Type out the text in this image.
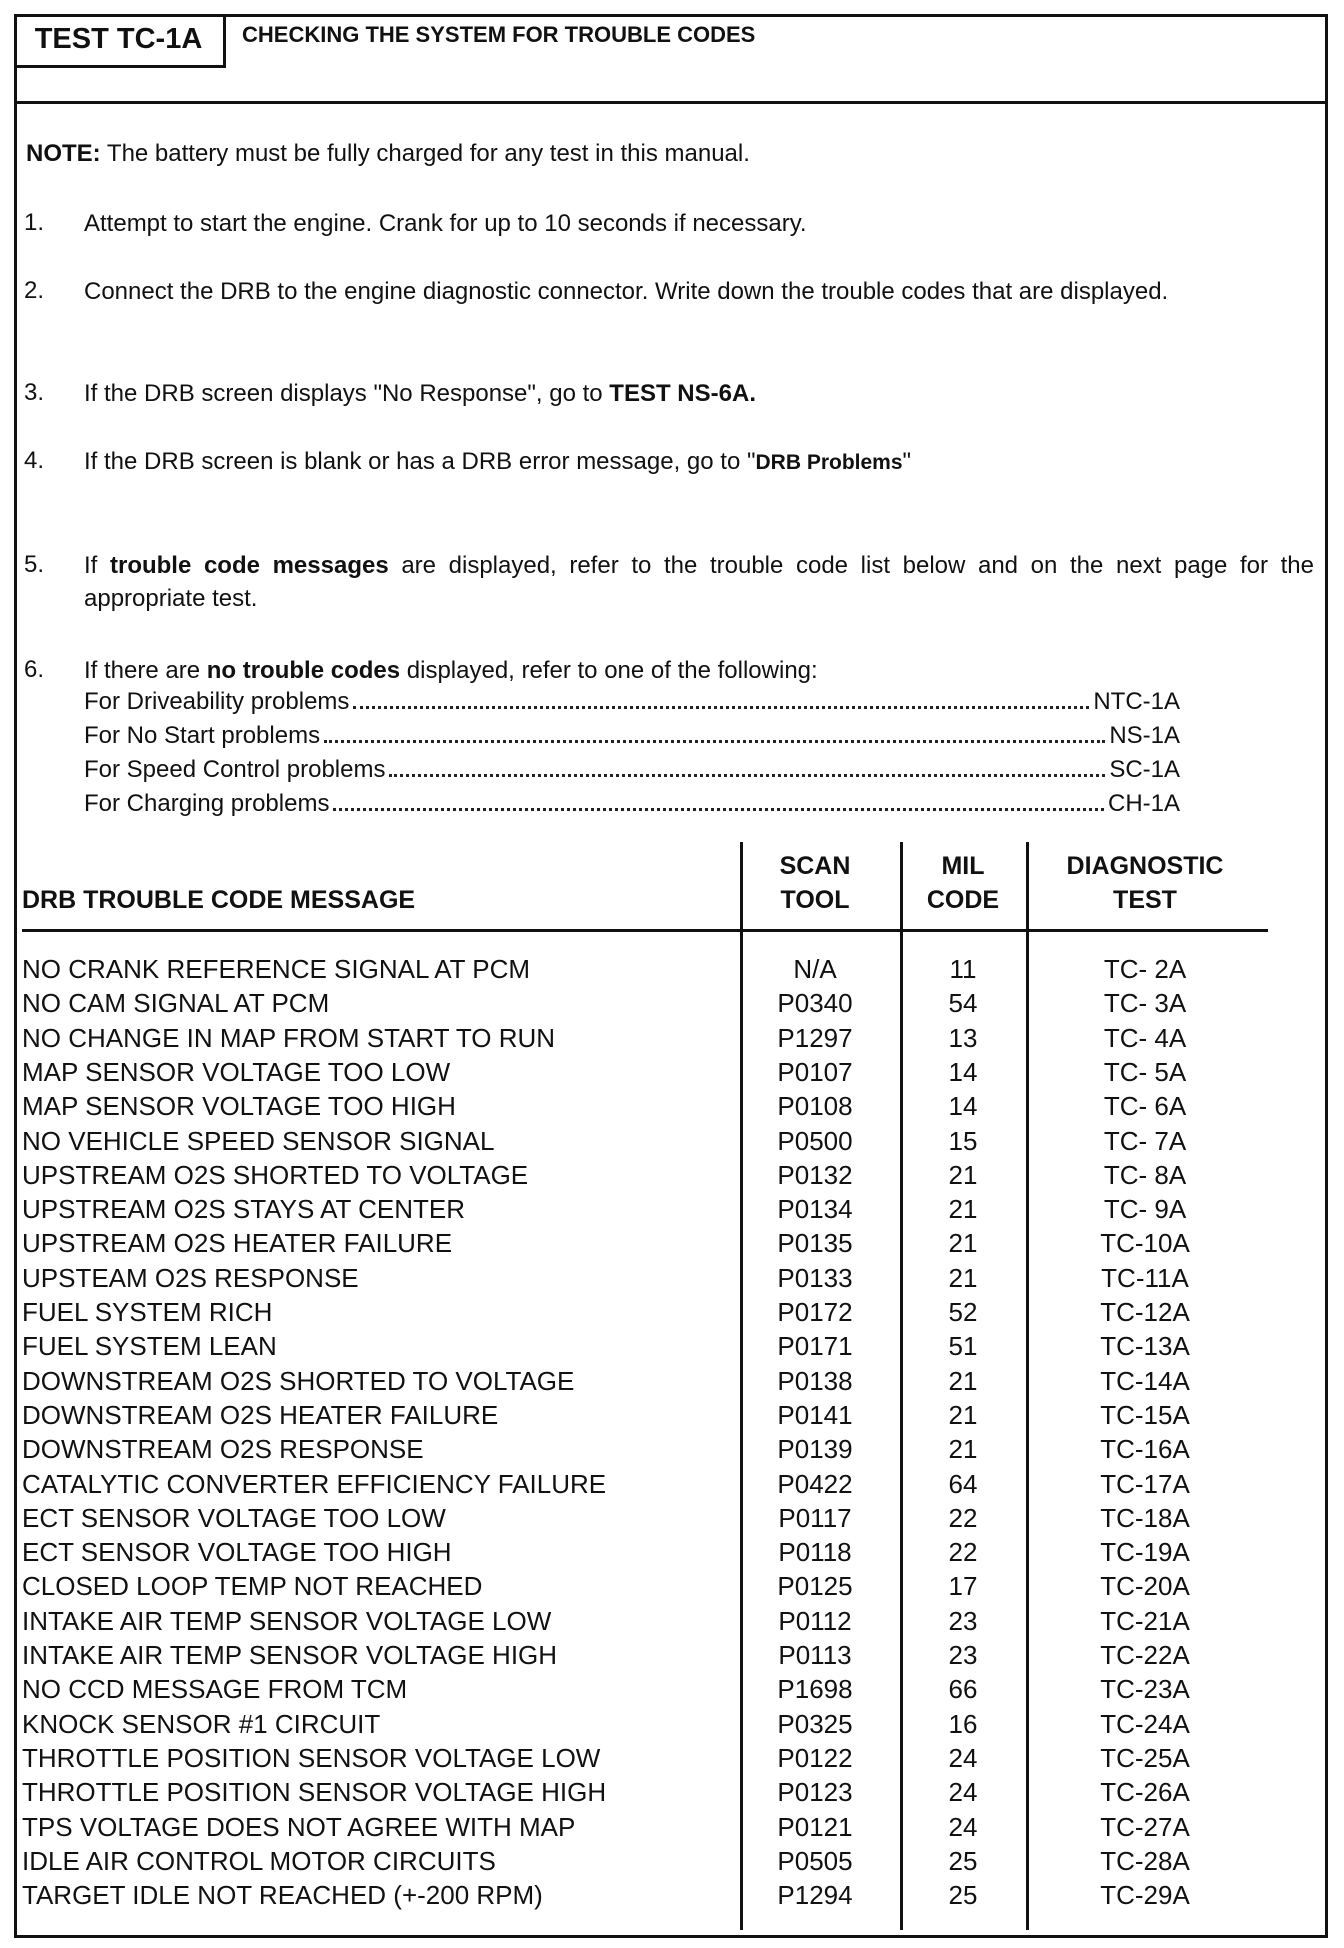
TEST TC-1A	CHECKING THE SYSTEM FOR TROUBLE CODES
NOTE: The battery must be fully charged for any test in this manual.
1. Attempt to start the engine. Crank for up to 10 seconds if necessary.
2. Connect the DRB to the engine diagnostic connector. Write down the trouble codes that are displayed.
3. If the DRB screen displays "No Response", go to TEST NS-6A.
4. If the DRB screen is blank or has a DRB error message, go to "DRB Problems"
5. If trouble code messages are displayed, refer to the trouble code list below and on the next page for the appropriate test.
6. If there are no trouble codes displayed, refer to one of the following:
For Driveability problems	NTC-1A
For No Start problems	NS-1A
For Speed Control problems	SC-1A
For Charging problems	CH-1A
DRB TROUBLE CODE MESSAGE
SCAN
TOOL
MIL
CODE
DIAGNOSTIC
TEST
NO CRANK REFERENCE SIGNAL AT PCM	N/A	11	TC- 2A
NO CAM SIGNAL AT PCM	P0340	54	TC- 3A
NO CHANGE IN MAP FROM START TO RUN	P1297	13	TC- 4A
MAP SENSOR VOLTAGE TOO LOW	P0107	14	TC- 5A
MAP SENSOR VOLTAGE TOO HIGH	P0108	14	TC- 6A
NO VEHICLE SPEED SENSOR SIGNAL	P0500	15	TC- 7A
UPSTREAM O2S SHORTED TO VOLTAGE	P0132	21	TC- 8A
UPSTREAM O2S STAYS AT CENTER	P0134	21	TC- 9A
UPSTREAM O2S HEATER FAILURE	P0135	21	TC-10A
UPSTEAM O2S RESPONSE	P0133	21	TC-11A
FUEL SYSTEM RICH	P0172	52	TC-12A
FUEL SYSTEM LEAN	P0171	51	TC-13A
DOWNSTREAM O2S SHORTED TO VOLTAGE	P0138	21	TC-14A
DOWNSTREAM O2S HEATER FAILURE	P0141	21	TC-15A
DOWNSTREAM O2S RESPONSE	P0139	21	TC-16A
CATALYTIC CONVERTER EFFICIENCY FAILURE	P0422	64	TC-17A
ECT SENSOR VOLTAGE TOO LOW	P0117	22	TC-18A
ECT SENSOR VOLTAGE TOO HIGH	P0118	22	TC-19A
CLOSED LOOP TEMP NOT REACHED	P0125	17	TC-20A
INTAKE AIR TEMP SENSOR VOLTAGE LOW	P0112	23	TC-21A
INTAKE AIR TEMP SENSOR VOLTAGE HIGH	P0113	23	TC-22A
NO CCD MESSAGE FROM TCM	P1698	66	TC-23A
KNOCK SENSOR #1 CIRCUIT	P0325	16	TC-24A
THROTTLE POSITION SENSOR VOLTAGE LOW	P0122	24	TC-25A
THROTTLE POSITION SENSOR VOLTAGE HIGH	P0123	24	TC-26A
TPS VOLTAGE DOES NOT AGREE WITH MAP	P0121	24	TC-27A
IDLE AIR CONTROL MOTOR CIRCUITS	P0505	25	TC-28A
TARGET IDLE NOT REACHED (+-200 RPM)	P1294	25	TC-29A
